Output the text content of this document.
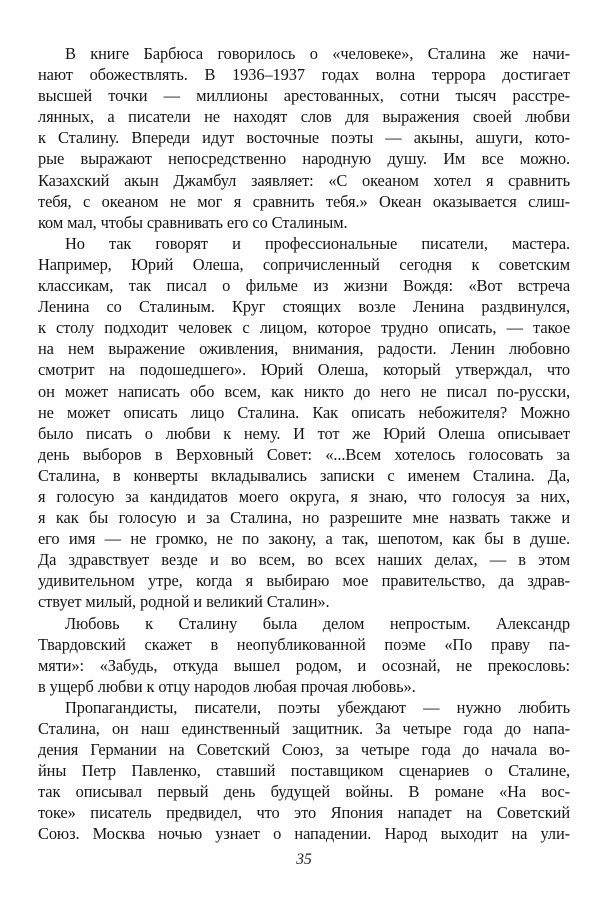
В книге Барбюса говорилось о «человеке», Сталина же начи-
нают обожествлять. В 1936–1937 годах волна террора достигает
высшей точки — миллионы арестованных, сотни тысяч расстре-
лянных, а писатели не находят слов для выражения своей любви
к Сталину. Впереди идут восточные поэты — акыны, ашуги, кото-
рые выражают непосредственно народную душу. Им все можно.
Казахский акын Джамбул заявляет: «С океаном хотел я сравнить
тебя, с океаном не мог я сравнить тебя.» Океан оказывается слиш-
ком мал, чтобы сравнивать его со Сталиным.
Но так говорят и профессиональные писатели, мастера.
Например, Юрий Олеша, сопричисленный сегодня к советским
классикам, так писал о фильме из жизни Вождя: «Вот встреча
Ленина со Сталиным. Круг стоящих возле Ленина раздвинулся,
к столу подходит человек с лицом, которое трудно описать, — такое
на нем выражение оживления, внимания, радости. Ленин любовно
смотрит на подошедшего». Юрий Олеша, который утверждал, что
он может написать обо всем, как никто до него не писал по-русски,
не может описать лицо Сталина. Как описать небожителя? Можно
было писать о любви к нему. И тот же Юрий Олеша описывает
день выборов в Верховный Совет: «...Всем хотелось голосовать за
Сталина, в конверты вкладывались записки с именем Сталина. Да,
я голосую за кандидатов моего округа, я знаю, что голосуя за них,
я как бы голосую и за Сталина, но разрешите мне назвать также и
его имя — не громко, не по закону, а так, шепотом, как бы в душе.
Да здравствует везде и во всем, во всех наших делах, — в этом
удивительном утре, когда я выбираю мое правительство, да здрав-
ствует милый, родной и великий Сталин».
Любовь к Сталину была делом непростым. Александр
Твардовский скажет в неопубликованной поэме «По праву па-
мяти»: «Забудь, откуда вышел родом, и осознай, не прекословь:
в ущерб любви к отцу народов любая прочая любовь».
Пропагандисты, писатели, поэты убеждают — нужно любить
Сталина, он наш единственный защитник. За четыре года до напа-
дения Германии на Советский Союз, за четыре года до начала во-
йны Петр Павленко, ставший поставщиком сценариев о Сталине,
так описывал первый день будущей войны. В романе «На вос-
токе» писатель предвидел, что это Япония нападет на Советский
Союз. Москва ночью узнает о нападении. Народ выходит на ули-
35
